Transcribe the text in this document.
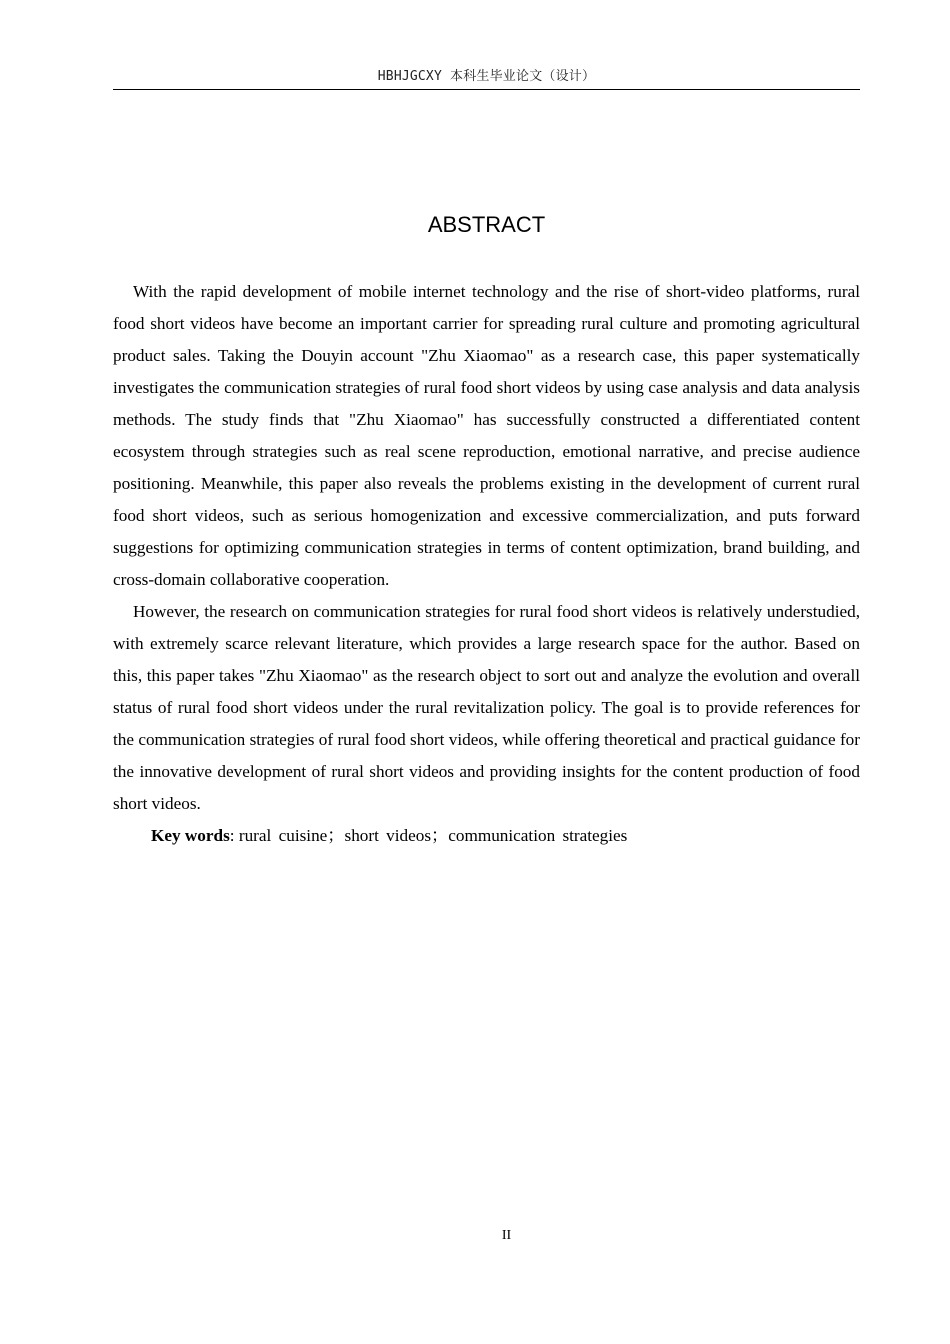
HBHJGCXY 本科生毕业论文（设计）
ABSTRACT

With the rapid development of mobile internet technology and the rise of short-video platforms, rural food short videos have become an important carrier for spreading rural culture and promoting agricultural product sales. Taking the Douyin account "Zhu Xiaomao" as a research case, this paper systematically investigates the communication strategies of rural food short videos by using case analysis and data analysis methods. The study finds that "Zhu Xiaomao" has successfully constructed a differentiated content ecosystem through strategies such as real scene reproduction, emotional narrative, and precise audience positioning. Meanwhile, this paper also reveals the problems existing in the development of current rural food short videos, such as serious homogenization and excessive commercialization, and puts forward suggestions for optimizing communication strategies in terms of content optimization, brand building, and cross-domain collaborative cooperation.

However, the research on communication strategies for rural food short videos is relatively understudied, with extremely scarce relevant literature, which provides a large research space for the author. Based on this, this paper takes "Zhu Xiaomao" as the research object to sort out and analyze the evolution and overall status of rural food short videos under the rural revitalization policy. The goal is to provide references for the communication strategies of rural food short videos, while offering theoretical and practical guidance for the innovative development of rural short videos and providing insights for the content production of food short videos.

Key words: rural cuisine；short videos；communication strategies

II
